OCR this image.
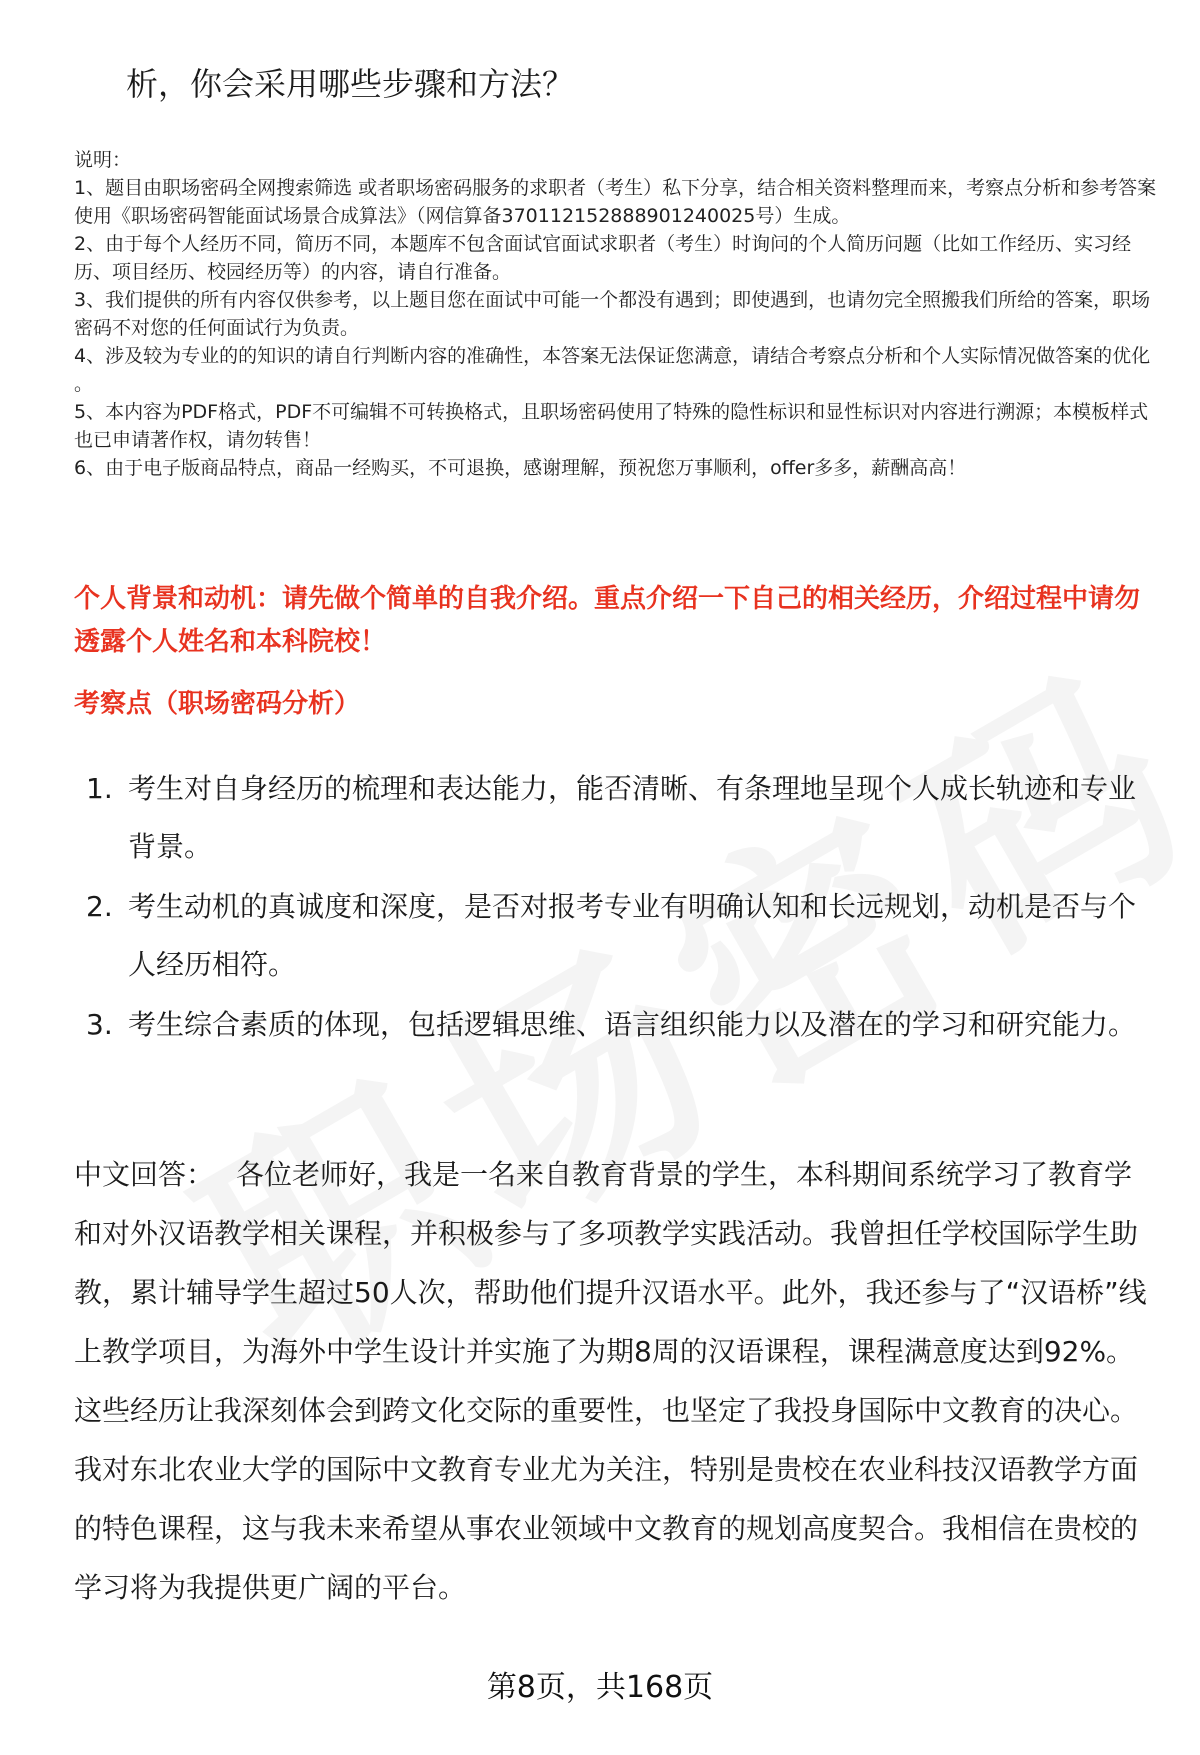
析，你会采用哪些步骤和方法？

说明：

1、题目由职场密码全网搜索筛选 或者职场密码服务的求职者（考生）私下分享，结合相关资料整理而来，考察点分析和参考答案使用《职场密码智能面试场景合成算法》（网信算备370112152888901240025号）生成。

2、由于每个人经历不同，简历不同，本题库不包含面试官面试求职者（考生）时询问的个人简历问题（比如工作经历、实习经历、项目经历、校园经历等）的内容，请自行准备。

3、我们提供的所有内容仅供参考，以上题目您在面试中可能一个都没有遇到；即使遇到，也请勿完全照搬我们所给的答案，职场密码不对您的任何面试行为负责。

4、涉及较为专业的的知识的请自行判断内容的准确性，本答案无法保证您满意，请结合考察点分析和个人实际情况做答案的优化 。

5、本内容为PDF格式，PDF不可编辑不可转换格式，且职场密码使用了特殊的隐性标识和显性标识对内容进行溯源；本模板样式也已申请著作权，请勿转售！

6、由于电子版商品特点，商品一经购买，不可退换，感谢理解，预祝您万事顺利，offer多多，薪酬高高！

个人背景和动机：请先做个简单的自我介绍。重点介绍一下自己的相关经历，介绍过程中请勿透露个人姓名和本科院校！
考察点（职场密码分析）
1. 考生对自身经历的梳理和表达能力，能否清晰、有条理地呈现个人成长轨迹和专业背景。
2. 考生动机的真诚度和深度，是否对报考专业有明确认知和长远规划，动机是否与个人经历相符。
3. 考生综合素质的体现，包括逻辑思维、语言组织能力以及潜在的学习和研究能力。
中文回答： 各位老师好，我是一名来自教育背景的学生，本科期间系统学习了教育学和对外汉语教学相关课程，并积极参与了多项教学实践活动。我曾担任学校国际学生助教，累计辅导学生超过50人次，帮助他们提升汉语水平。此外，我还参与了“汉语桥”线上教学项目，为海外中学生设计并实施了为期8周的汉语课程，课程满意度达到92%。这些经历让我深刻体会到跨文化交际的重要性，也坚定了我投身国际中文教育的决心。我对东北农业大学的国际中文教育专业尤为关注，特别是贵校在农业科技汉语教学方面的特色课程，这与我未来希望从事农业领域中文教育的规划高度契合。我相信在贵校的学习将为我提供更广阔的平台。
第8页，共168页
